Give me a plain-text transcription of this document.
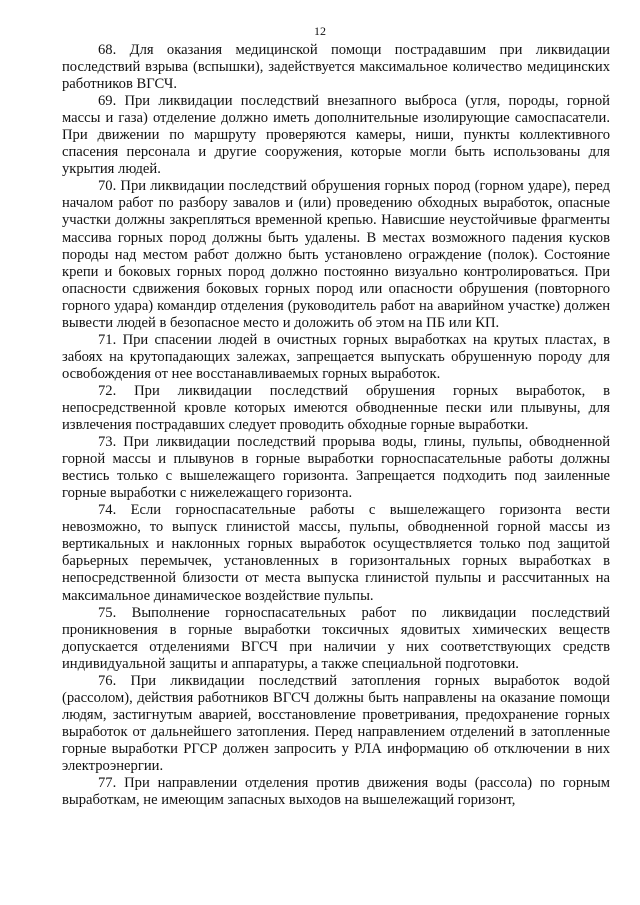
12

68. Для оказания медицинской помощи пострадавшим при ликвидации последствий взрыва (вспышки), задействуется максимальное количество медицинских работников ВГСЧ.

69. При ликвидации последствий внезапного выброса (угля, породы, горной массы и газа) отделение должно иметь дополнительные изолирующие самоспасатели. При движении по маршруту проверяются камеры, ниши, пункты коллективного спасения персонала и другие сооружения, которые могли быть использованы для укрытия людей.

70. При ликвидации последствий обрушения горных пород (горном ударе), перед началом работ по разбору завалов и (или) проведению обходных выработок, опасные участки должны закрепляться временной крепью. Нависшие неустойчивые фрагменты массива горных пород должны быть удалены. В местах возможного падения кусков породы над местом работ должно быть установлено ограждение (полок). Состояние крепи и боковых горных пород должно постоянно визуально контролироваться. При опасности сдвижения боковых горных пород или опасности обрушения (повторного горного удара) командир отделения (руководитель работ на аварийном участке) должен вывести людей в безопасное место и доложить об этом на ПБ или КП.

71. При спасении людей в очистных горных выработках на крутых пластах, в забоях на крутопадающих залежах, запрещается выпускать обрушенную породу для освобождения от нее восстанавливаемых горных выработок.

72. При ликвидации последствий обрушения горных выработок, в непосредственной кровле которых имеются обводненные пески или плывуны, для извлечения пострадавших следует проводить обходные горные выработки.

73. При ликвидации последствий прорыва воды, глины, пульпы, обводненной горной массы и плывунов в горные выработки горноспасательные работы должны вестись только с вышележащего горизонта. Запрещается подходить под заиленные горные выработки с нижележащего горизонта.

74. Если горноспасательные работы с вышележащего горизонта вести невозможно, то выпуск глинистой массы, пульпы, обводненной горной массы из вертикальных и наклонных горных выработок осуществляется только под защитой барьерных перемычек, установленных в горизонтальных горных выработках в непосредственной близости от места выпуска глинистой пульпы и рассчитанных на максимальное динамическое воздействие пульпы.

75. Выполнение горноспасательных работ по ликвидации последствий проникновения в горные выработки токсичных ядовитых химических веществ допускается отделениями ВГСЧ при наличии у них соответствующих средств индивидуальной защиты и аппаратуры, а также специальной подготовки.

76. При ликвидации последствий затопления горных выработок водой (рассолом), действия работников ВГСЧ должны быть направлены на оказание помощи людям, застигнутым аварией, восстановление проветривания, предохранение горных выработок от дальнейшего затопления. Перед направлением отделений в затопленные горные выработки РГСР должен запросить у РЛА информацию об отключении в них электроэнергии.

77. При направлении отделения против движения воды (рассола) по горным выработкам, не имеющим запасных выходов на вышележащий горизонт,
